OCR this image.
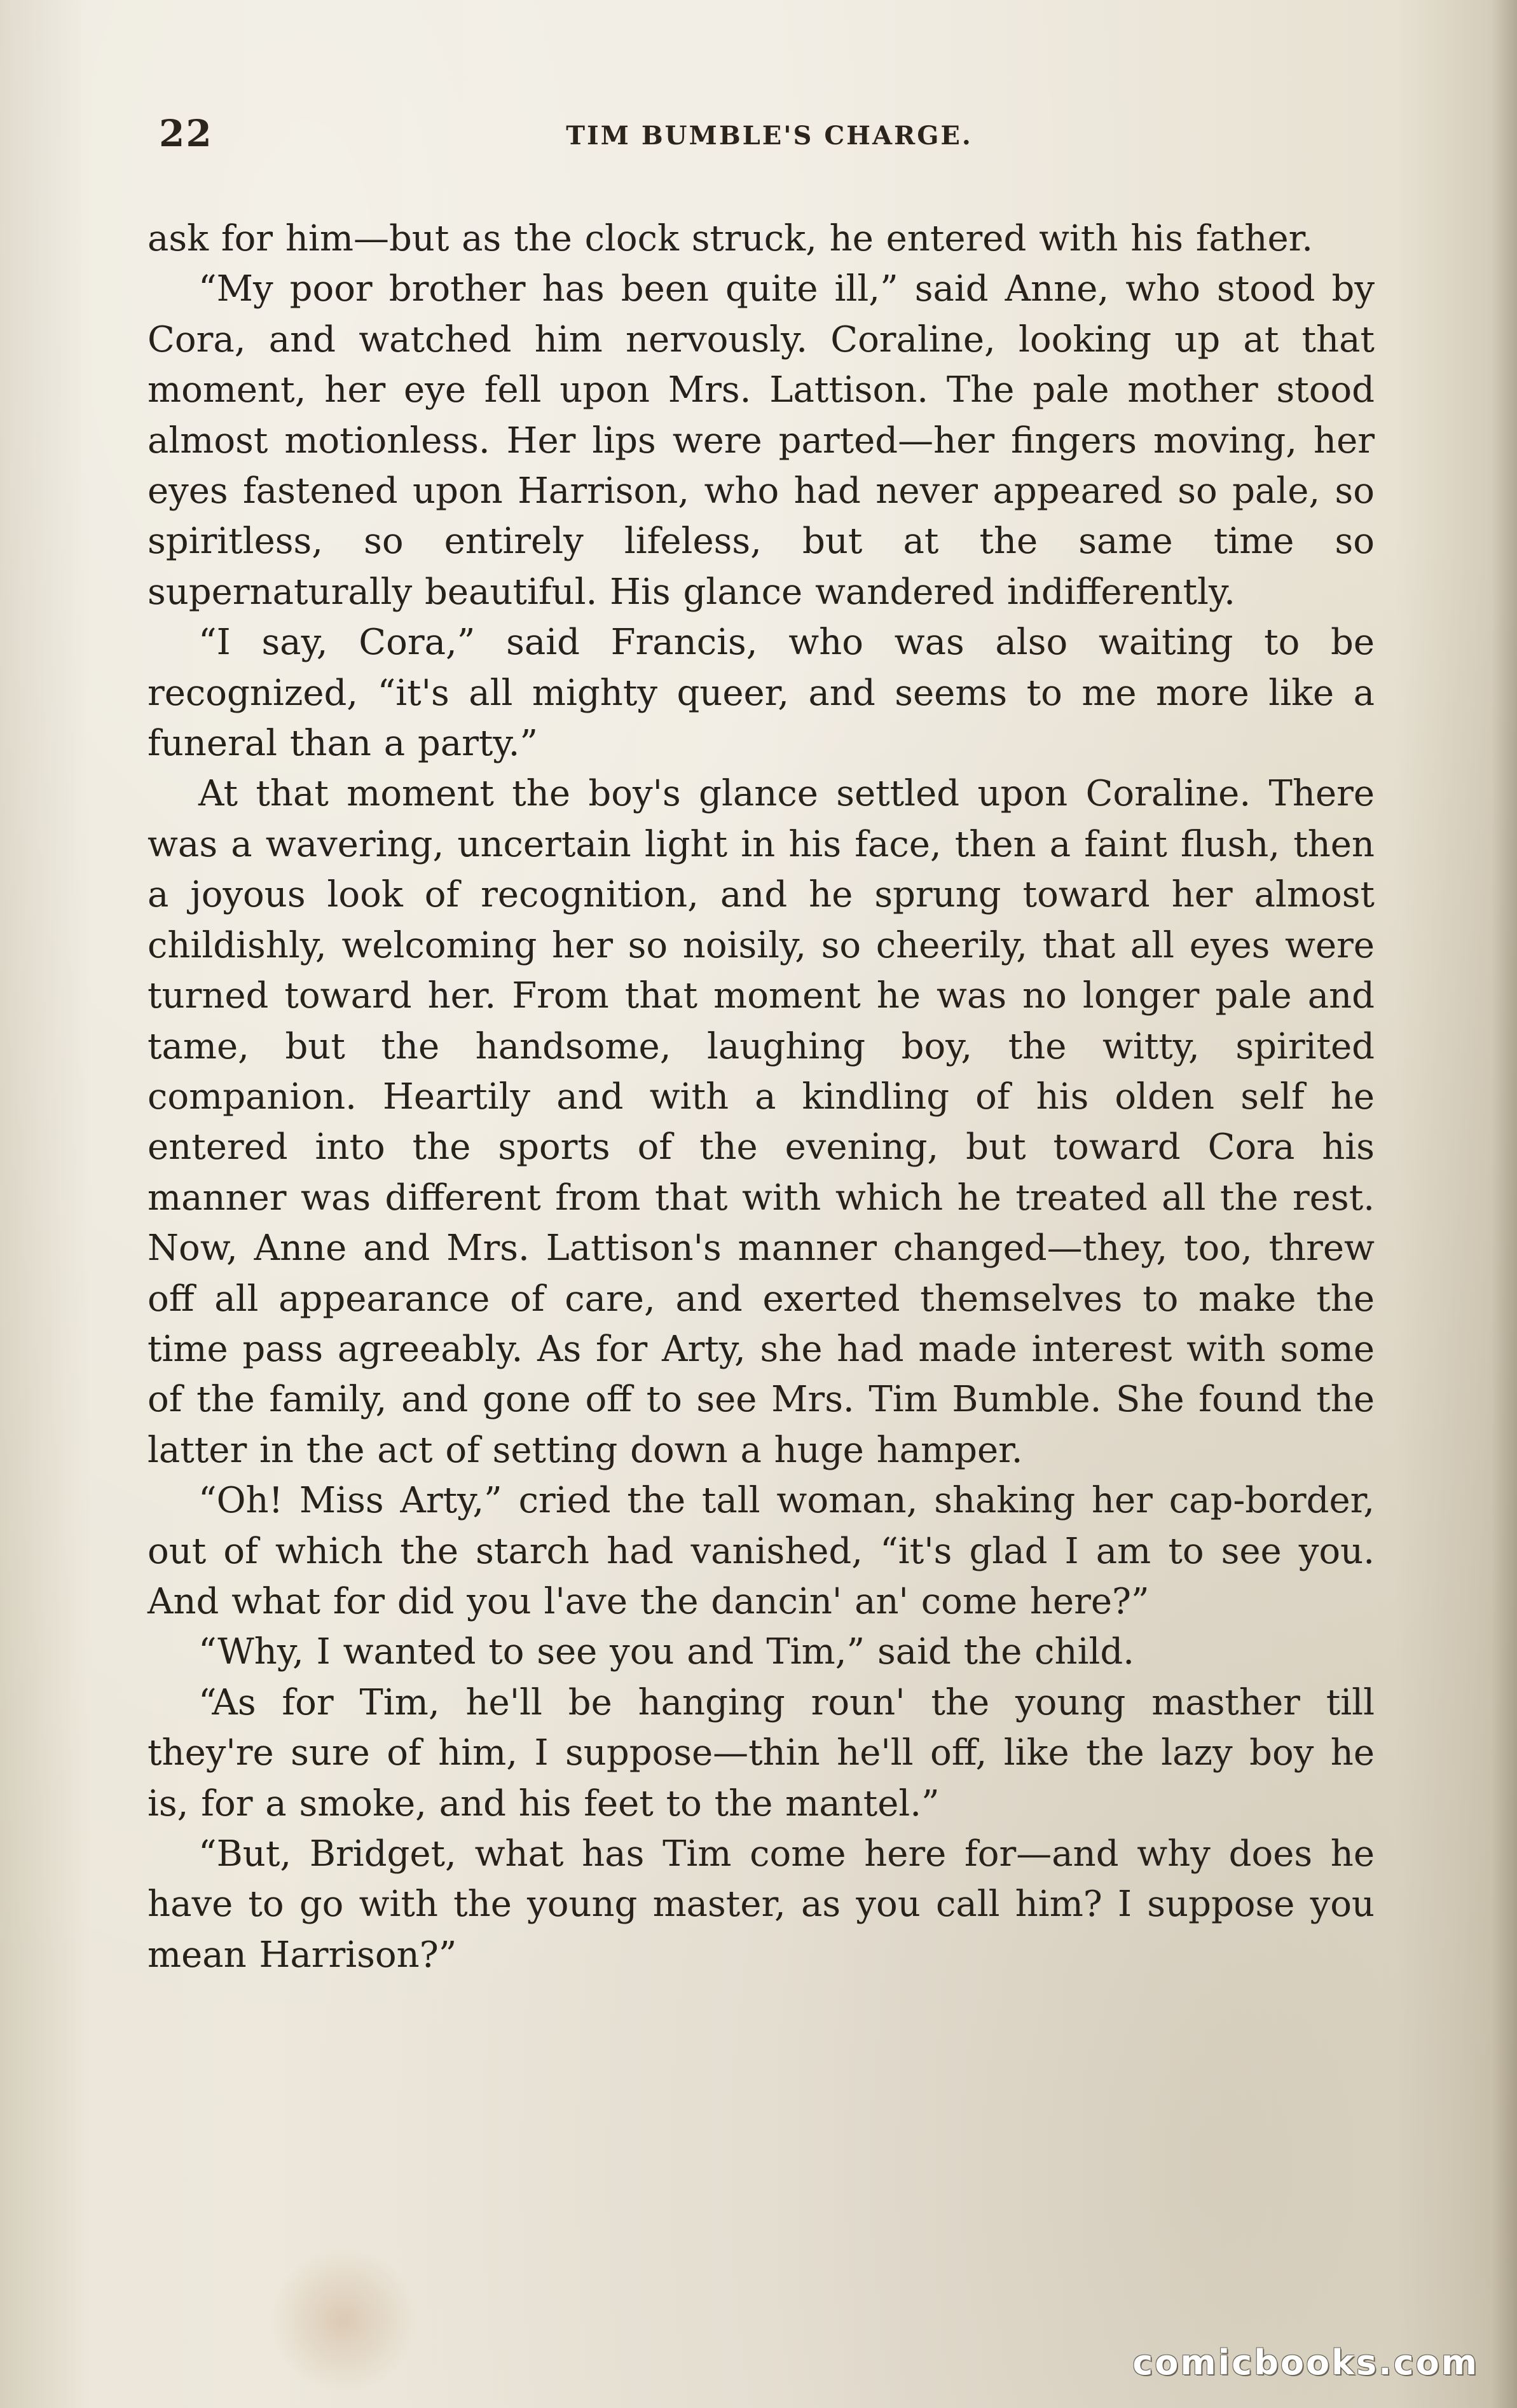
22	TIM BUMBLE'S CHARGE.

ask for him—but as the clock struck, he entered with his father.

“My poor brother has been quite ill,” said Anne, who stood by Cora, and watched him nervously. Coraline, looking up at that moment, her eye fell upon Mrs. Lattison. The pale mother stood almost motionless. Her lips were parted—her fingers moving, her eyes fastened upon Harrison, who had never appeared so pale, so spiritless, so entirely lifeless, but at the same time so supernaturally beautiful. His glance wandered indifferently.

“I say, Cora,” said Francis, who was also waiting to be recognized, “it's all mighty queer, and seems to me more like a funeral than a party.”

At that moment the boy's glance settled upon Coraline. There was a wavering, uncertain light in his face, then a faint flush, then a joyous look of recognition, and he sprung toward her almost childishly, welcoming her so noisily, so cheerily, that all eyes were turned toward her. From that moment he was no longer pale and tame, but the handsome, laughing boy, the witty, spirited companion. Heartily and with a kindling of his olden self he entered into the sports of the evening, but toward Cora his manner was different from that with which he treated all the rest. Now, Anne and Mrs. Lattison's manner changed—they, too, threw off all appearance of care, and exerted themselves to make the time pass agreeably. As for Arty, she had made interest with some of the family, and gone off to see Mrs. Tim Bumble. She found the latter in the act of setting down a huge hamper.

“Oh! Miss Arty,” cried the tall woman, shaking her cap-border, out of which the starch had vanished, “it's glad I am to see you. And what for did you l'ave the dancin' an' come here?”

“Why, I wanted to see you and Tim,” said the child.

“As for Tim, he'll be hanging roun' the young masther till they're sure of him, I suppose—thin he'll off, like the lazy boy he is, for a smoke, and his feet to the mantel.”

“But, Bridget, what has Tim come here for—and why does he have to go with the young master, as you call him? I suppose you mean Harrison?”

comicbooks.com
